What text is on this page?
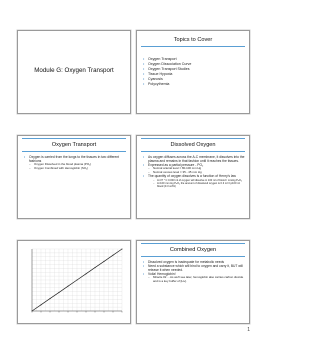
Module G: Oxygen Transport
Topics to Cover
• Oxygen Transport
• Oxygen Dissociation Curve
• Oxygen Transport Studies
• Tissue Hypoxia
• Cyanosis
• Polycythemia
Oxygen Transport
• Oxygen is carried from the lungs to the tissues in two different fashions
– Oxygen Dissolved in the blood plasma (PO₂)
– Oxygen Combined with Hemoglobin (SO₂)
Dissolved Oxygen
• As oxygen diffuses across the A-C membrane, it dissolves into the plasma and remains in that fashion until it reaches the tissues.
• Expressed as a partial pressure - PO₂
– Normal arterial level = 80-100 mm Hg
– Normal venous level = 35 - 45 mm Hg
• The quantity of oxygen dissolves is a function of Henry's law
– At 37 ° C 0.003 ml of oxygen will dissolve in 100 ml of blood / mmHg PₐO₂
– At 100 mm Hg PₐO₂ the amount of dissolved oxygen is 0.3 ml O₂/100 ml blood (0.3 vol%)
Combined Oxygen
• Dissolved oxygen is inadequate for metabolic needs
• Need a substance which will bind to oxygen and carry it, BUT will release it when needed.
• Voila! Hemoglobin!
– Miracle #2 …As we'll see later, hemoglobin also carries carbon dioxide and is a key buffer of [H+].
1
